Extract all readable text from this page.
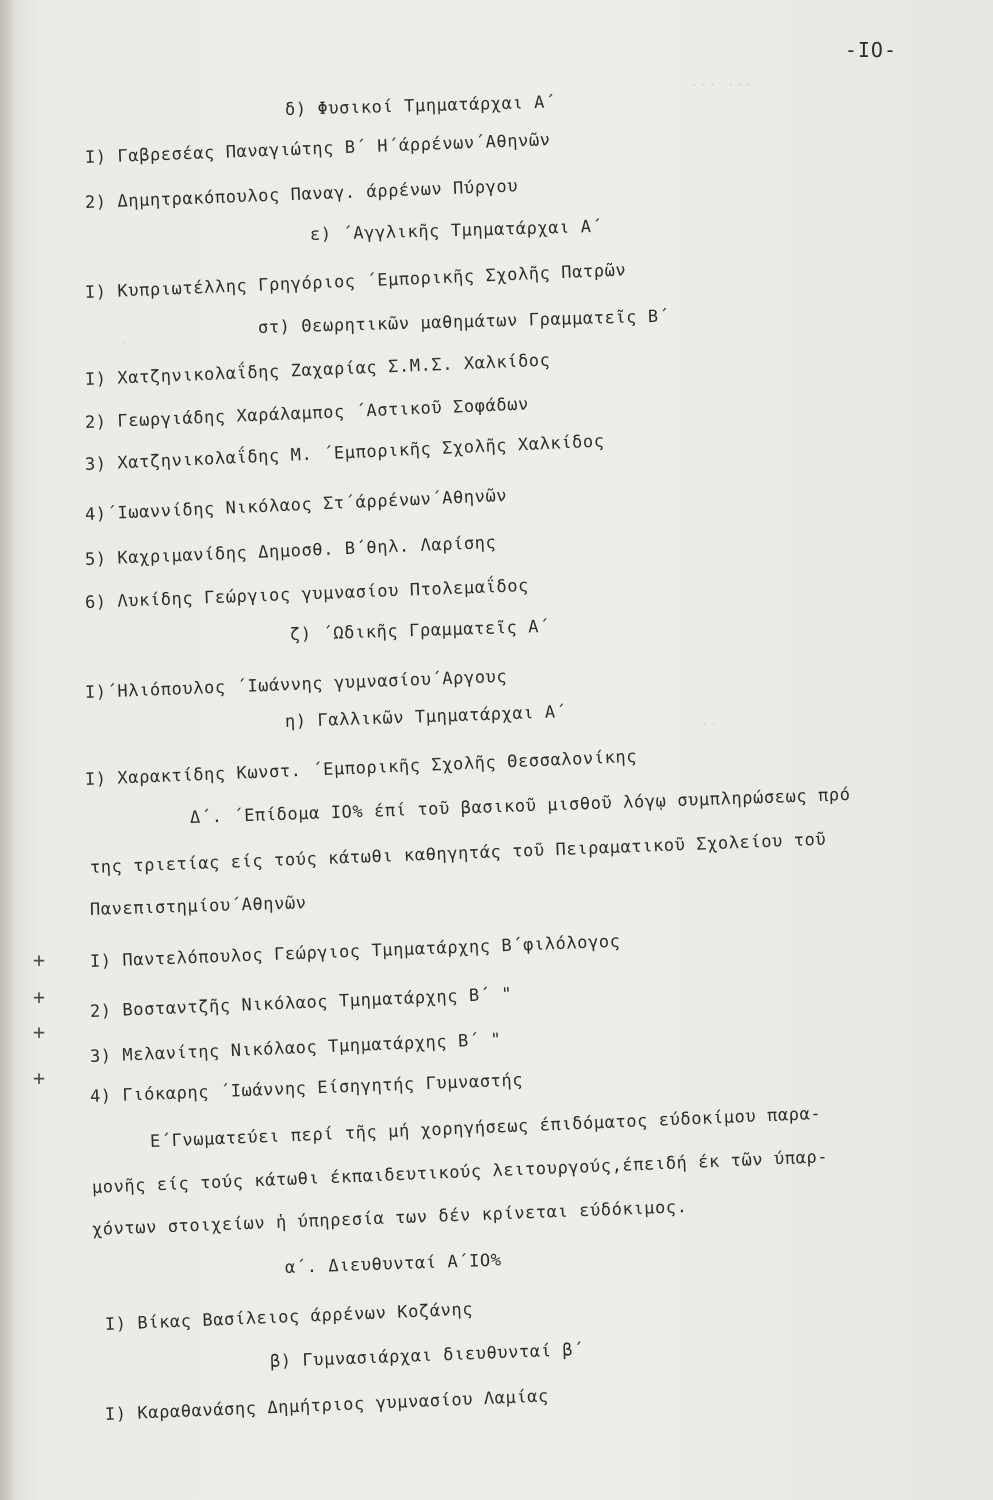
··· ···
·
··
-IO-
δ) Φυσικοί Τμηματάρχαι Α΄
Ι) Γαβρεσέας Παναγιώτης Β΄ Η΄άρρένων΄Αθηνῶν
2) Δημητρακόπουλος Παναγ. άρρένων Πύργου
ε) ΄Αγγλικῆς Τμηματάρχαι Α΄
Ι) Κυπριωτέλλης Γρηγόριος ΄Εμπορικῆς Σχολῆς Πατρῶν
στ) Θεωρητικῶν μαθημάτων Γραμματεῖς Β΄
Ι) Χατζηνικολαΐδης Ζαχαρίας Σ.Μ.Σ. Χαλκίδος
2) Γεωργιάδης Χαράλαμπος ΄Αστικοῦ Σοφάδων
3) Χατζηνικολαΐδης Μ. ΄Εμπορικῆς Σχολῆς Χαλκίδος
4)΄Ιωαννίδης Νικόλαος Στ΄άρρένων΄Αθηνῶν
5) Καχριμανίδης Δημοσθ. Β΄θηλ. Λαρίσης
6) Λυκίδης Γεώργιος γυμνασίου Πτολεμαΐδος
ζ) ΄Ωδικῆς Γραμματεῖς Α΄
Ι)΄Ηλιόπουλος ΄Ιωάννης γυμνασίου΄Αργους
η) Γαλλικῶν Τμηματάρχαι Α΄
Ι) Χαρακτίδης Κωνστ. ΄Εμπορικῆς Σχολῆς Θεσσαλονίκης
Δ΄. ΄Επίδομα ΙΟ% έπί τοῦ βασικοῦ μισθοῦ λόγῳ συμπληρώσεως πρό
της τριετίας είς τούς κάτωθι καθηγητάς τοῦ Πειραματικοῦ Σχολείου τοῦ
Πανεπιστημίου΄Αθηνῶν
+
+
+
+
Ι) Παντελόπουλος Γεώργιος Τμηματάρχης Β΄φιλόλογος
2) Βοσταντζῆς Νικόλαος Τμηματάρχης Β΄ "
3) Μελανίτης Νικόλαος Τμηματάρχης Β΄ "
4) Γιόκαρης ΄Ιωάννης Είσηγητής Γυμναστής
Ε΄Γνωματεύει περί τῆς μή χορηγήσεως έπιδόματος εύδοκίμου παρα-
μονῆς είς τούς κάτωθι έκπαιδευτικούς λειτουργούς,έπειδή έκ τῶν ύπαρ-
χόντων στοιχείων ἡ ύπηρεσία των δέν κρίνεται εύδόκιμος.
α΄. Διευθυνταί Α΄ΙΟ%
Ι) Βίκας Βασίλειος άρρένων Κοζάνης
β) Γυμνασιάρχαι διευθυνταί β΄
Ι) Καραθανάσης Δημήτριος γυμνασίου Λαμίας
